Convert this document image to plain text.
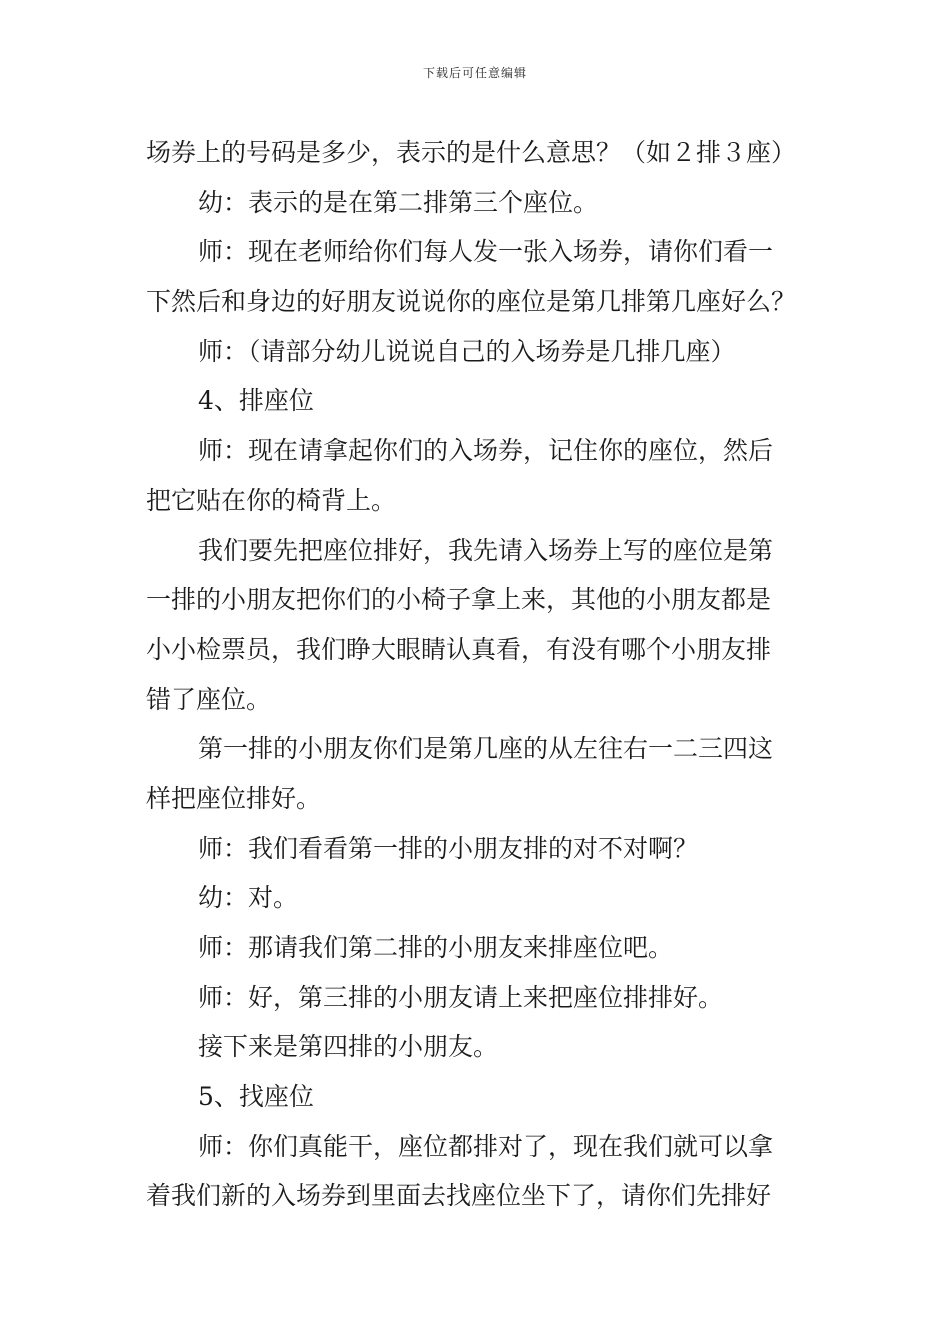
下载后可任意编辑
场券上的号码是多少，表示的是什么意思？（如２排３座）
幼：表示的是在第二排第三个座位。
师：现在老师给你们每人发一张入场券，请你们看一
下然后和身边的好朋友说说你的座位是第几排第几座好么？
师：（请部分幼儿说说自己的入场券是几排几座）
4、排座位
师：现在请拿起你们的入场券，记住你的座位，然后
把它贴在你的椅背上。
我们要先把座位排好，我先请入场券上写的座位是第
一排的小朋友把你们的小椅子拿上来，其他的小朋友都是
小小检票员，我们睁大眼睛认真看，有没有哪个小朋友排
错了座位。
第一排的小朋友你们是第几座的从左往右一二三四这
样把座位排好。
师：我们看看第一排的小朋友排的对不对啊？
幼：对。
师：那请我们第二排的小朋友来排座位吧。
师：好，第三排的小朋友请上来把座位排排好。
接下来是第四排的小朋友。
5、找座位
师：你们真能干，座位都排对了，现在我们就可以拿
着我们新的入场券到里面去找座位坐下了，请你们先排好
